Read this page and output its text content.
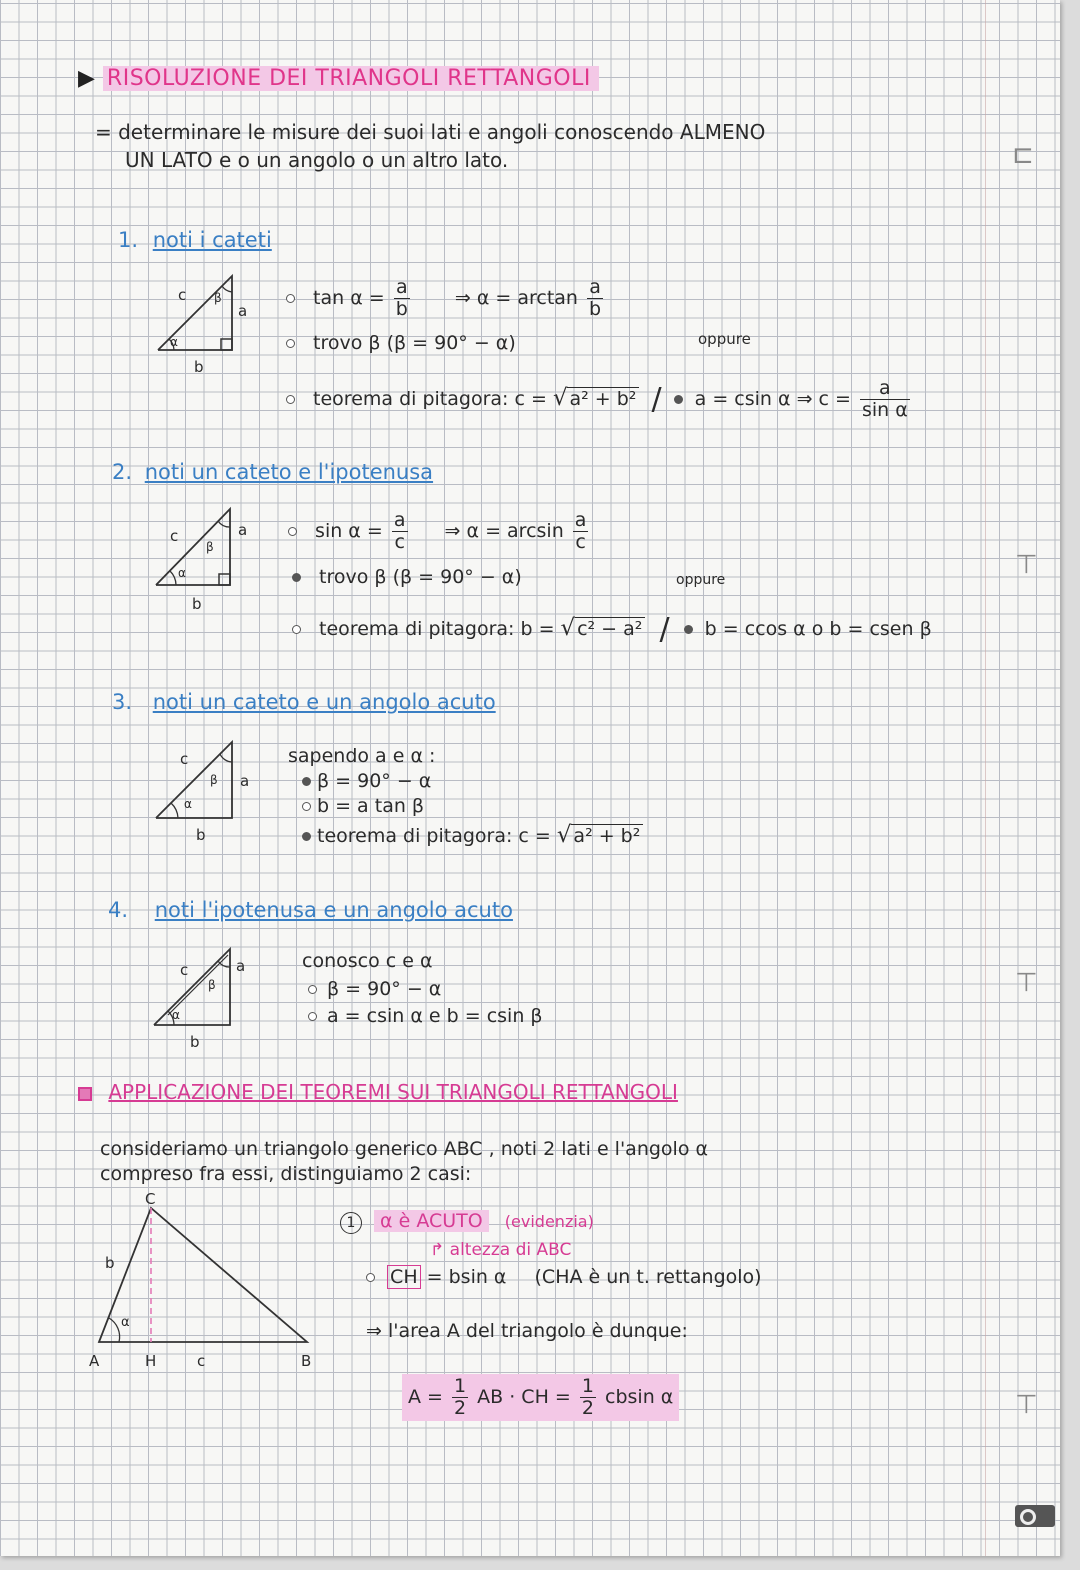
▶ RISOLUZIONE DEI TRIANGOLI RETTANGOLI
= determinare le misure dei suoi lati e angoli conoscendo ALMENO
UN LATO e o un angolo o un altro lato.
1. noti i cateti
c
a
b
α
β	$\tan \alpha = \frac{a}{b}$ ⇒ $\alpha = \arctan \frac{a}{b}$
trovo β (β = 90° − α)	oppure
teorema di pitagora: c = √ a² + b² / a = csin α ⇒ $c = \frac{a}{\text{sin α}}$
2. noti un cateto e l'ipotenusa
c	a
b
α
β
$\sin \alpha = \frac{a}{c}$ ⇒ $\alpha = \arcsin \frac{a}{c}$
trovo β (β = 90° − α)	oppure
teorema di pitagora: b = √ c² − a² / b = ccos α o b = csen β
3. noti un cateto e un angolo acuto
c
a
b
α
β
sapendo a e α :
β = 90° − α
b = a tan β
teorema di pitagora: c = √ a² + b²
4. noti l'ipotenusa e un angolo acuto
c	a
b
α
β
conosco c e α
β = 90° − α
a = csin α e b = csin β
APPLICAZIONE DEI TEOREMI SUI TRIANGOLI RETTANGOLI
consideriamo un triangolo generico ABC , noti 2 lati e l'angolo α
compreso fra essi, distinguiamo 2 casi:
A	H	c	B
C
b
α
1 α è ACUTO (evidenzia)
↱ altezza di ABC
CH = bsin α (CHA è un t. rettangolo)
⇒ l'area A del triangolo è dunque:
$A = \frac{1}{2}$ AB · CH = $\frac{1}{2}$ cbsin α
⊏
⊤
⊤
⊤
